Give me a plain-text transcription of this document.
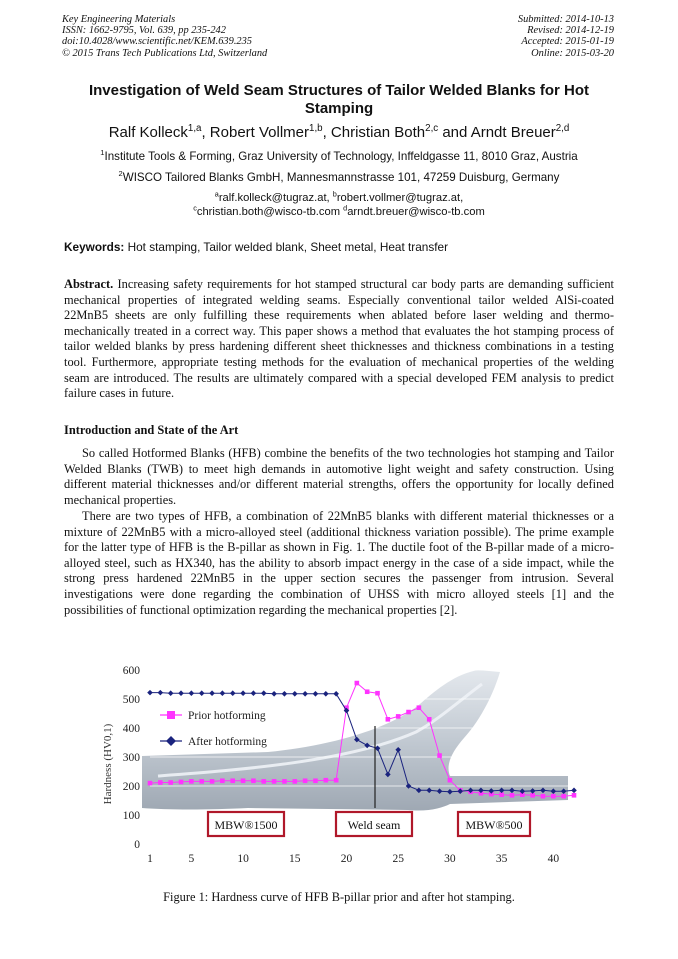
Key Engineering Materials
ISSN: 1662-9795, Vol. 639, pp 235-242
doi:10.4028/www.scientific.net/KEM.639.235
© 2015 Trans Tech Publications Ltd, Switzerland
Submitted: 2014-10-13
Revised: 2014-12-19
Accepted: 2015-01-19
Online: 2015-03-20
Investigation of Weld Seam Structures of Tailor Welded Blanks for Hot
Stamping
Ralf Kolleck$^{1,a}$, Robert Vollmer$^{1,b}$, Christian Both$^{2,c}$ and Arndt Breuer$^{2,d}$
$^1$Institute Tools & Forming, Graz University of Technology, Inffeldgasse 11, 8010 Graz, Austria
$^2$WISCO Tailored Blanks GmbH, Mannesmannstrasse 101, 47259 Duisburg, Germany
$^a$ralf.kolleck@tugraz.at, $^b$robert.vollmer@tugraz.at,
$^c$christian.both@wisco-tb.com $^d$arndt.breuer@wisco-tb.com
Keywords: Hot stamping, Tailor welded blank, Sheet metal, Heat transfer
Abstract. Increasing safety requirements for hot stamped structural car body parts are demanding sufficient mechanical properties of integrated welding seams. Especially conventional tailor welded AlSi-coated 22MnB5 sheets are only fulfilling these requirements when ablated before laser welding and thermo-mechanically treated in a correct way. This paper shows a method that evaluates the hot stamping process of tailor welded blanks by press hardening different sheet thicknesses and thickness combinations in a testing tool. Furthermore, appropriate testing methods for the evaluation of mechanical properties of the welding seam are introduced. The results are ultimately compared with a special developed FEM analysis to predict failure cases in future.
Introduction and State of the Art
So called Hotformed Blanks (HFB) combine the benefits of the two technologies hot stamping and Tailor Welded Blanks (TWB) to meet high demands in automotive light weight and safety construction. Using different material thicknesses and/or different material strengths, offers the opportunity for locally defined mechanical properties.
There are two types of HFB, a combination of 22MnB5 blanks with different material thicknesses or a mixture of 22MnB5 with a micro-alloyed steel (additional thickness variation possible). The prime example for the latter type of HFB is the B-pillar as shown in Fig. 1. The ductile foot of the B-pillar made of a micro-alloyed steel, such as HX340, has the ability to absorb impact energy in the case of a side impact, while the strong press hardened 22MnB5 in the upper section secures the passenger from intrusion. Several investigations were done regarding the combination of UHSS with micro alloyed steels [1] and the possibilities of functional optimization regarding the mechanical properties [2].
0
100
200
300
400
500
600
1	5	10	15	20	25	30	35	40
Prior hotforming
After hotforming
MBW®1500	Weld seam	MBW®500
Hardness (HV0,1)
Figure 1: Hardness curve of HFB B-pillar prior and after hot stamping.
